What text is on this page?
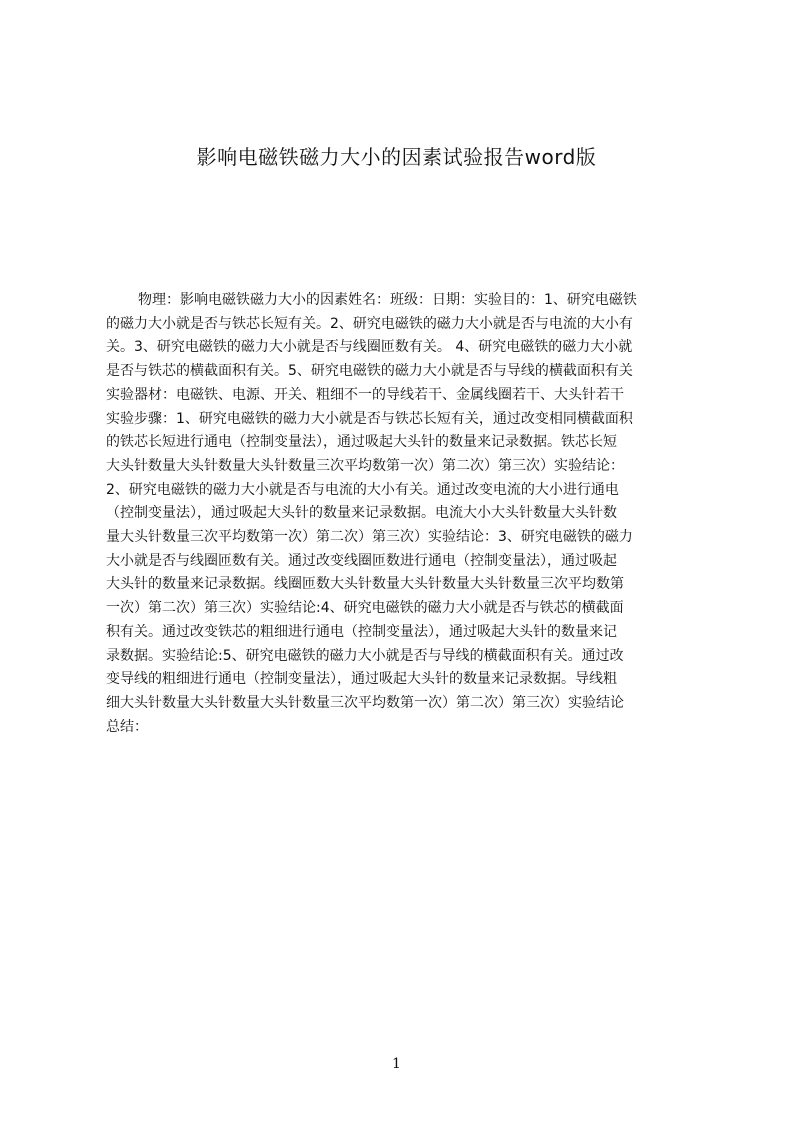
影响电磁铁磁力大小的因素试验报告word版

物理：影响电磁铁磁力大小的因素姓名：班级：日期：实验目的：1、研究电磁铁

的磁力大小就是否与铁芯长短有关。2、研究电磁铁的磁力大小就是否与电流的大小有

关。3、研究电磁铁的磁力大小就是否与线圈匝数有关。 4、研究电磁铁的磁力大小就

是否与铁芯的横截面积有关。5、研究电磁铁的磁力大小就是否与导线的横截面积有关

实验器材：电磁铁、电源、开关、粗细不一的导线若干、金属线圈若干、大头针若干

实验步骤：1、研究电磁铁的磁力大小就是否与铁芯长短有关，通过改变相同横截面积

的铁芯长短进行通电（控制变量法），通过吸起大头针的数量来记录数据。铁芯长短

大头针数量大头针数量大头针数量三次平均数第一次）第二次）第三次）实验结论：

2、研究电磁铁的磁力大小就是否与电流的大小有关。通过改变电流的大小进行通电

（控制变量法），通过吸起大头针的数量来记录数据。电流大小大头针数量大头针数

量大头针数量三次平均数第一次）第二次）第三次）实验结论：3、研究电磁铁的磁力

大小就是否与线圈匝数有关。通过改变线圈匝数进行通电（控制变量法），通过吸起

大头针的数量来记录数据。线圈匝数大头针数量大头针数量大头针数量三次平均数第

一次）第二次）第三次）实验结论:4、研究电磁铁的磁力大小就是否与铁芯的横截面

积有关。通过改变铁芯的粗细进行通电（控制变量法），通过吸起大头针的数量来记

录数据。实验结论:5、研究电磁铁的磁力大小就是否与导线的横截面积有关。通过改

变导线的粗细进行通电（控制变量法），通过吸起大头针的数量来记录数据。导线粗

细大头针数量大头针数量大头针数量三次平均数第一次）第二次）第三次）实验结论

总结：

1
